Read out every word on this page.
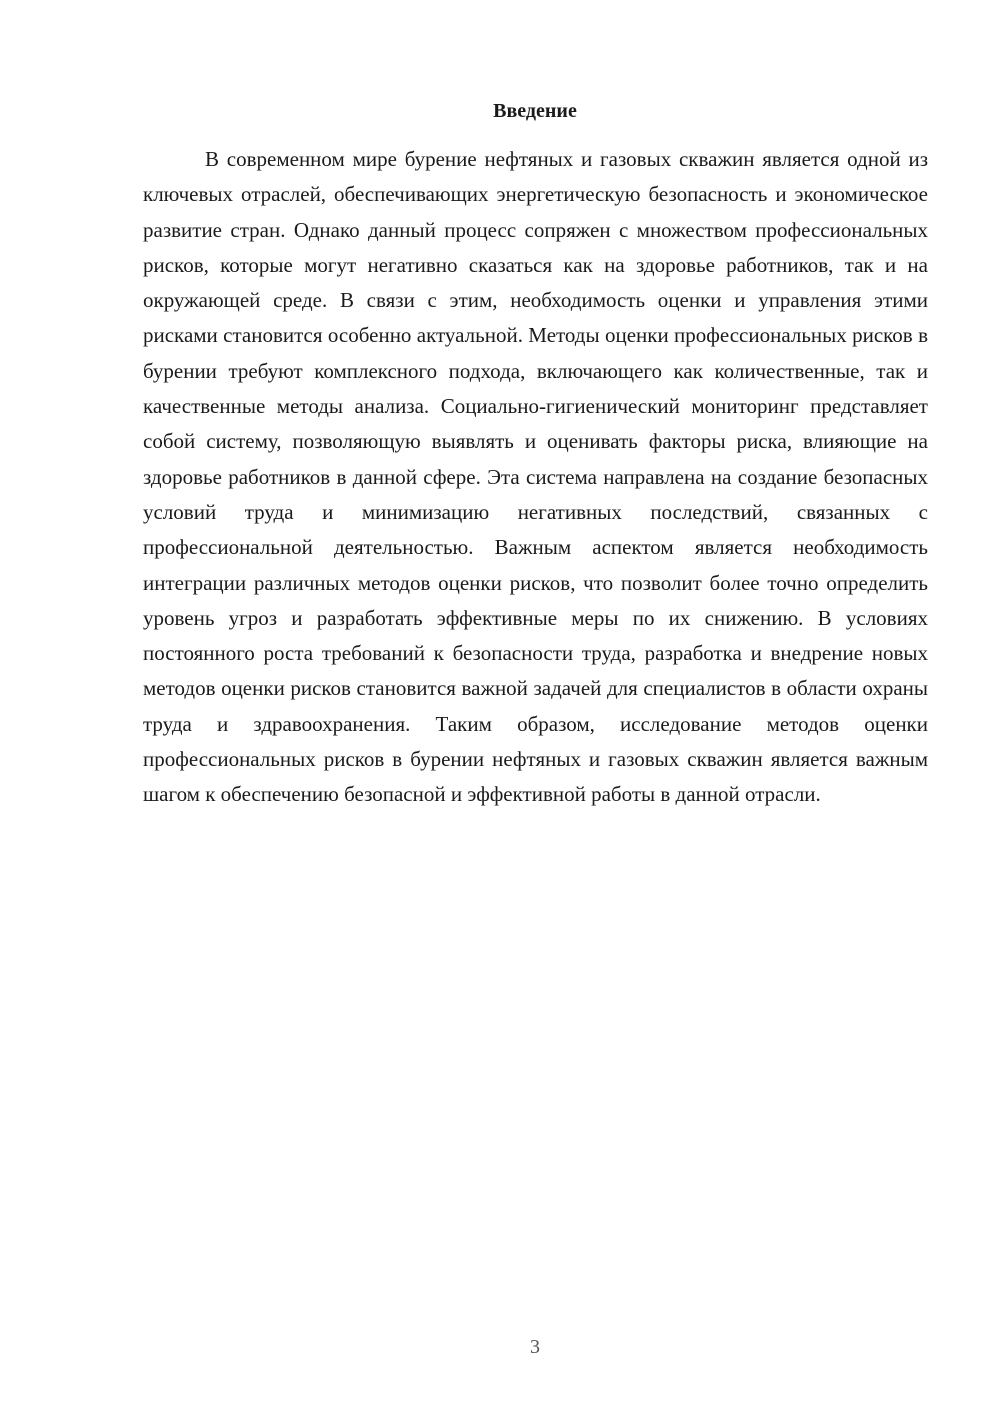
Введение

В современном мире бурение нефтяных и газовых скважин является одной из ключевых отраслей, обеспечивающих энергетическую безопасность и экономическое развитие стран. Однако данный процесс сопряжен с множеством профессиональных рисков, которые могут негативно сказаться как на здоровье работников, так и на окружающей среде. В связи с этим, необходимость оценки и управления этими рисками становится особенно актуальной. Методы оценки профессиональных рисков в бурении требуют комплексного подхода, включающего как количественные, так и качественные методы анализа. Социально-гигиенический мониторинг представляет собой систему, позволяющую выявлять и оценивать факторы риска, влияющие на здоровье работников в данной сфере. Эта система направлена на создание безопасных условий труда и минимизацию негативных последствий, связанных с профессиональной деятельностью. Важным аспектом является необходимость интеграции различных методов оценки рисков, что позволит более точно определить уровень угроз и разработать эффективные меры по их снижению. В условиях постоянного роста требований к безопасности труда, разработка и внедрение новых методов оценки рисков становится важной задачей для специалистов в области охраны труда и здравоохранения. Таким образом, исследование методов оценки профессиональных рисков в бурении нефтяных и газовых скважин является важным шагом к обеспечению безопасной и эффективной работы в данной отрасли.

3
